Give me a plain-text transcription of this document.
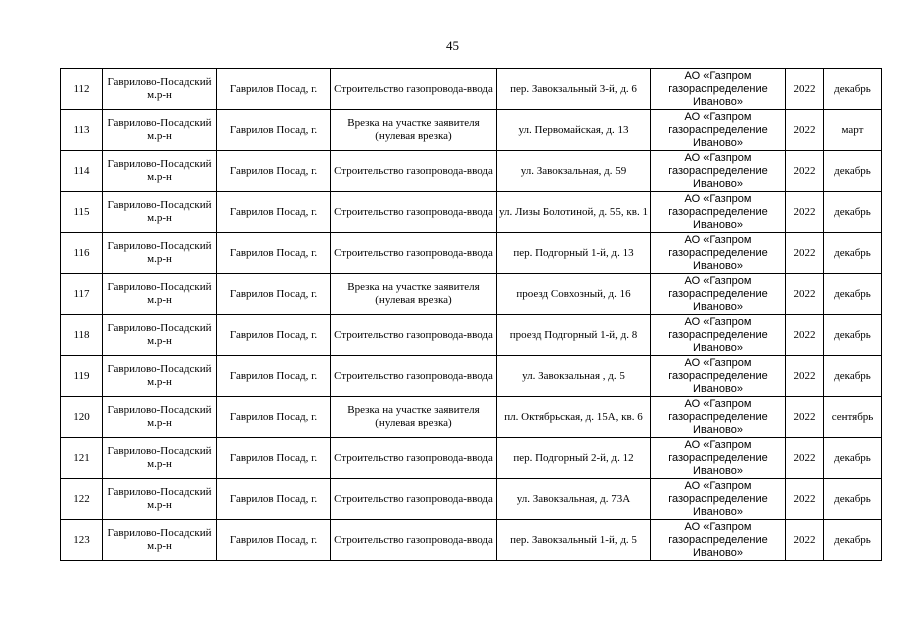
45
112	Гаврилово-Посадский м.р-н	Гаврилов Посад, г.	Строительство газопровода-ввода	пер. Завокзальный 3-й, д. 6	АО «Газпром газораспределение Иваново»	2022	декабрь
113	Гаврилово-Посадский м.р-н	Гаврилов Посад, г.	Врезка на участке заявителя (нулевая врезка)	ул. Первомайская, д. 13	АО «Газпром газораспределение Иваново»	2022	март
114	Гаврилово-Посадский м.р-н	Гаврилов Посад, г.	Строительство газопровода-ввода	ул. Завокзальная, д. 59	АО «Газпром газораспределение Иваново»	2022	декабрь
115	Гаврилово-Посадский м.р-н	Гаврилов Посад, г.	Строительство газопровода-ввода	ул. Лизы Болотиной, д. 55, кв. 1	АО «Газпром газораспределение Иваново»	2022	декабрь
116	Гаврилово-Посадский м.р-н	Гаврилов Посад, г.	Строительство газопровода-ввода	пер. Подгорный 1-й, д. 13	АО «Газпром газораспределение Иваново»	2022	декабрь
117	Гаврилово-Посадский м.р-н	Гаврилов Посад, г.	Врезка на участке заявителя (нулевая врезка)	проезд Совхозный, д. 16	АО «Газпром газораспределение Иваново»	2022	декабрь
118	Гаврилово-Посадский м.р-н	Гаврилов Посад, г.	Строительство газопровода-ввода	проезд Подгорный 1-й, д. 8	АО «Газпром газораспределение Иваново»	2022	декабрь
119	Гаврилово-Посадский м.р-н	Гаврилов Посад, г.	Строительство газопровода-ввода	ул. Завокзальная , д. 5	АО «Газпром газораспределение Иваново»	2022	декабрь
120	Гаврилово-Посадский м.р-н	Гаврилов Посад, г.	Врезка на участке заявителя (нулевая врезка)	пл. Октябрьская, д. 15А, кв. 6	АО «Газпром газораспределение Иваново»	2022	сентябрь
121	Гаврилово-Посадский м.р-н	Гаврилов Посад, г.	Строительство газопровода-ввода	пер. Подгорный 2-й, д. 12	АО «Газпром газораспределение Иваново»	2022	декабрь
122	Гаврилово-Посадский м.р-н	Гаврилов Посад, г.	Строительство газопровода-ввода	ул. Завокзальная, д. 73А	АО «Газпром газораспределение Иваново»	2022	декабрь
123	Гаврилово-Посадский м.р-н	Гаврилов Посад, г.	Строительство газопровода-ввода	пер. Завокзальный 1-й, д. 5	АО «Газпром газораспределение Иваново»	2022	декабрь
